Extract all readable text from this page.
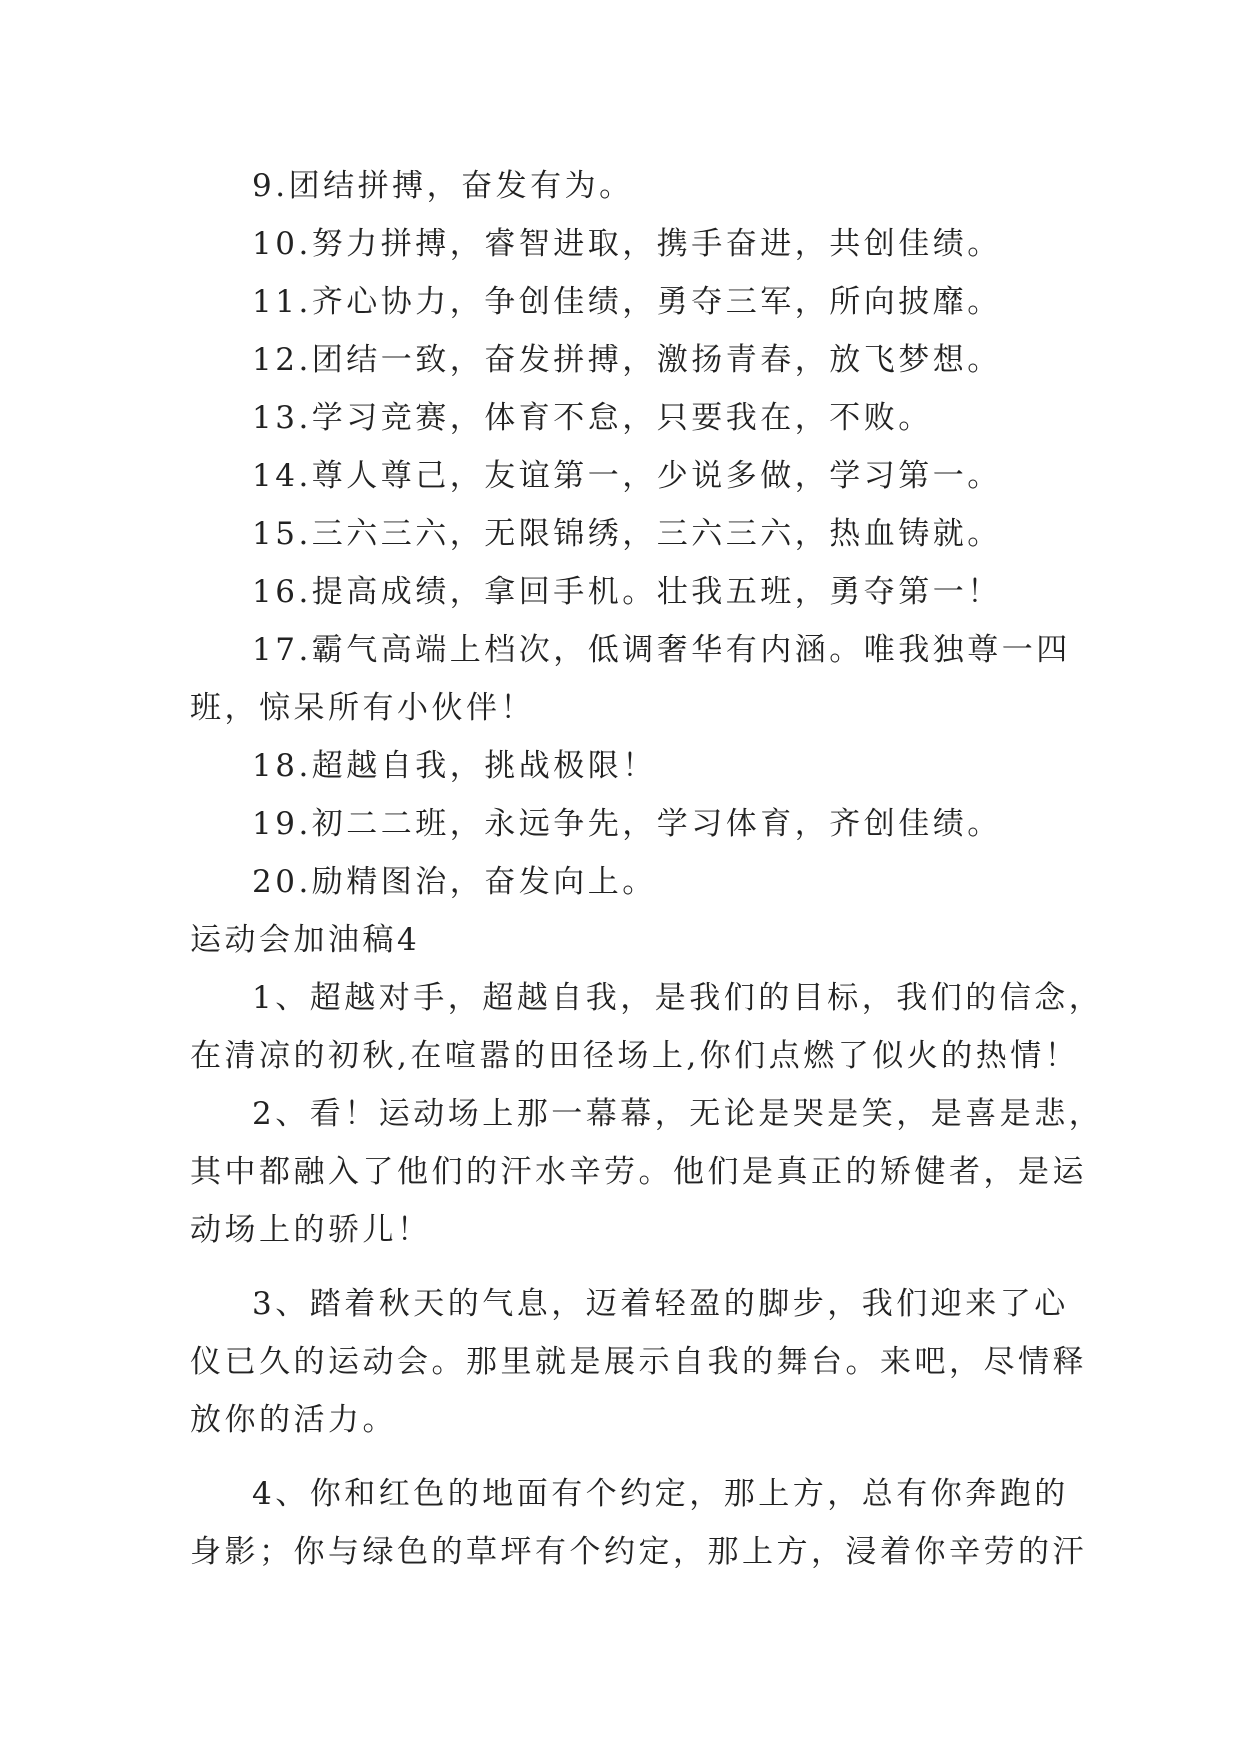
9.团结拼搏，奋发有为。
10.努力拼搏，睿智进取，携手奋进，共创佳绩。
11.齐心协力，争创佳绩，勇夺三军，所向披靡。
12.团结一致，奋发拼搏，激扬青春，放飞梦想。
13.学习竞赛，体育不怠，只要我在，不败。
14.尊人尊己，友谊第一，少说多做，学习第一。
15.三六三六，无限锦绣，三六三六，热血铸就。
16.提高成绩，拿回手机。壮我五班，勇夺第一！
17.霸气高端上档次，低调奢华有内涵。唯我独尊一四
班，惊呆所有小伙伴！
18.超越自我，挑战极限！
19.初二二班，永远争先，学习体育，齐创佳绩。
20.励精图治，奋发向上。
运动会加油稿4
1、超越对手，超越自我，是我们的目标，我们的信念，
在清凉的初秋,在喧嚣的田径场上,你们点燃了似火的热情！
2、看！运动场上那一幕幕，无论是哭是笑，是喜是悲，
其中都融入了他们的汗水辛劳。他们是真正的矫健者，是运
动场上的骄儿！
3、踏着秋天的气息，迈着轻盈的脚步，我们迎来了心
仪已久的运动会。那里就是展示自我的舞台。来吧，尽情释
放你的活力。
4、你和红色的地面有个约定，那上方，总有你奔跑的
身影；你与绿色的草坪有个约定，那上方，浸着你辛劳的汗
